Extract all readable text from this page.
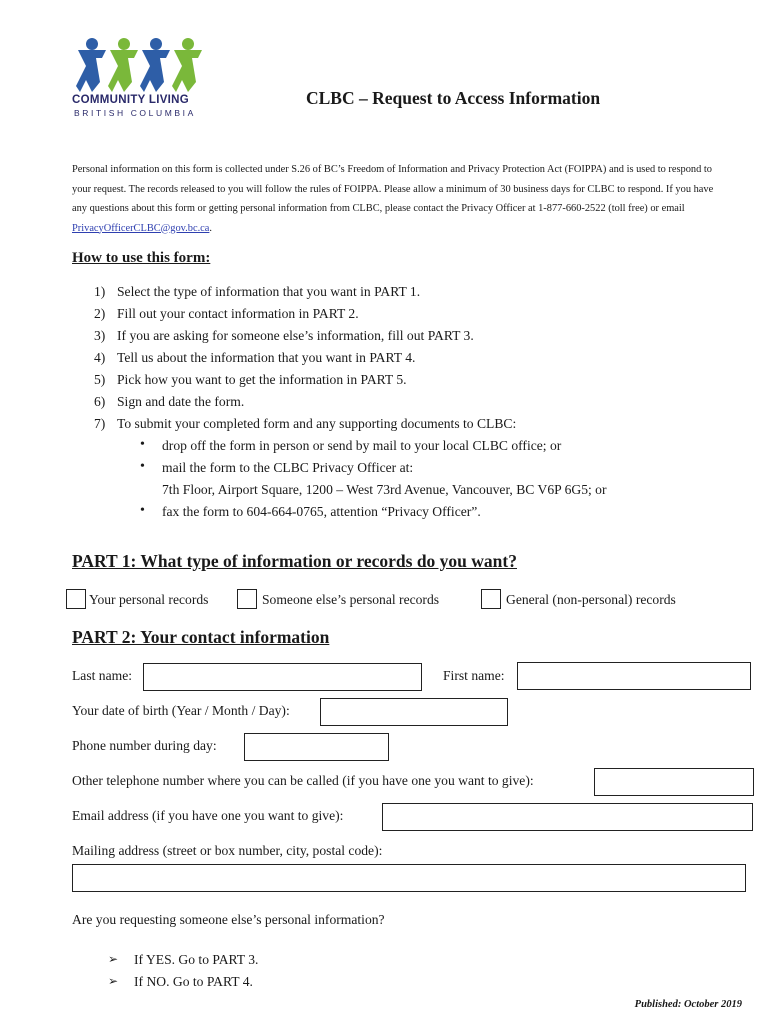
COMMUNITY LIVING
BRITISH COLUMBIA
CLBC – Request to Access Information
Personal information on this form is collected under S.26 of BC’s Freedom of Information and Privacy Protection Act (FOIPPA) and is used to respond to your request. The records released to you will follow the rules of FOIPPA. Please allow a minimum of 30 business days for CLBC to respond. If you have any questions about this form or getting personal information from CLBC, please contact the Privacy Officer at 1-877-660-2522 (toll free) or email PrivacyOfficerCLBC@gov.bc.ca.
How to use this form:
1) Select the type of information that you want in PART 1.
2) Fill out your contact information in PART 2.
3) If you are asking for someone else’s information, fill out PART 3.
4) Tell us about the information that you want in PART 4.
5) Pick how you want to get the information in PART 5.
6) Sign and date the form.
7) To submit your completed form and any supporting documents to CLBC:
• drop off the form in person or send by mail to your local CLBC office; or
• mail the form to the CLBC Privacy Officer at:
7th Floor, Airport Square, 1200 – West 73rd Avenue, Vancouver, BC V6P 6G5; or
• fax the form to 604-664-0765, attention “Privacy Officer”.
PART 1: What type of information or records do you want?
Your personal records	Someone else’s personal records	General (non-personal) records
PART 2: Your contact information
Last name:	First name:
Your date of birth (Year / Month / Day):
Phone number during day:
Other telephone number where you can be called (if you have one you want to give):
Email address (if you have one you want to give):
Mailing address (street or box number, city, postal code):
Are you requesting someone else’s personal information?
➢ If YES. Go to PART 3.
➢ If NO. Go to PART 4.
Published: October 2019
